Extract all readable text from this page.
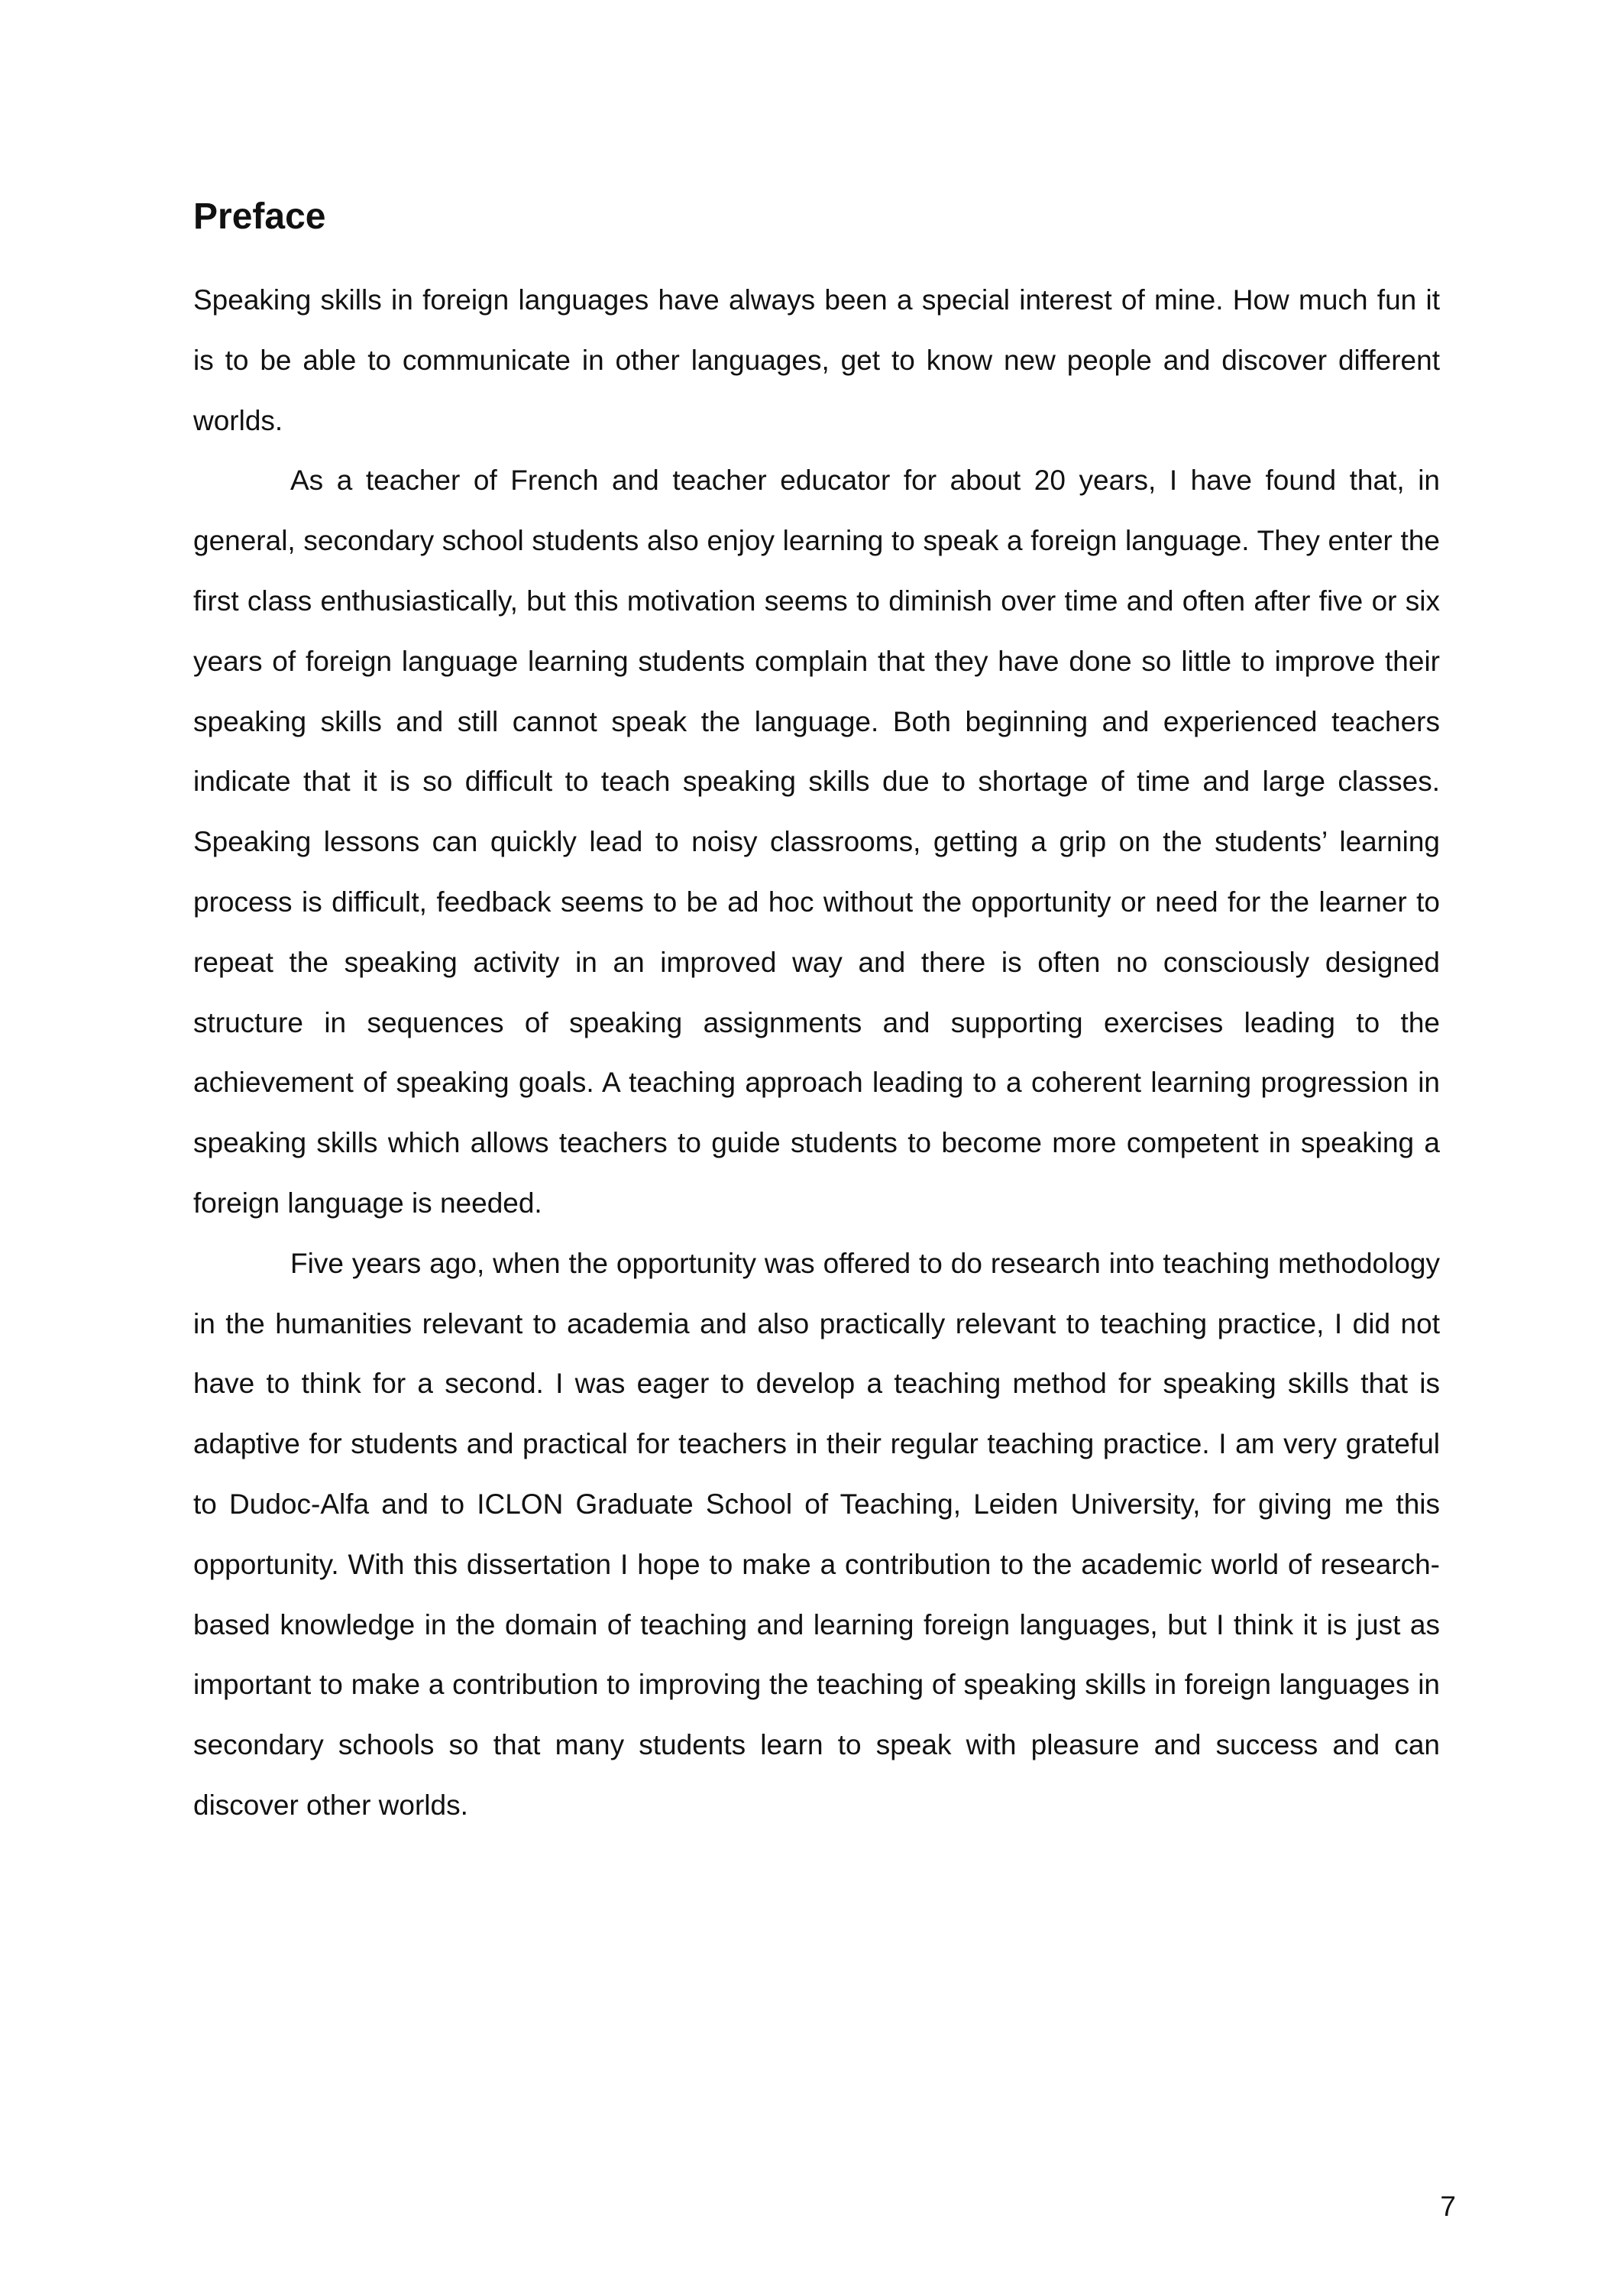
Preface

Speaking skills in foreign languages have always been a special interest of mine. How much fun it is to be able to communicate in other languages, get to know new people and discover different worlds.

As a teacher of French and teacher educator for about 20 years, I have found that, in general, secondary school students also enjoy learning to speak a foreign language. They enter the first class enthusiastically, but this motivation seems to diminish over time and often after five or six years of foreign language learning students complain that they have done so little to improve their speaking skills and still cannot speak the language. Both beginning and experienced teachers indicate that it is so difficult to teach speaking skills due to shortage of time and large classes. Speaking lessons can quickly lead to noisy classrooms, getting a grip on the students’ learning process is difficult, feedback seems to be ad hoc without the opportunity or need for the learner to repeat the speaking activity in an improved way and there is often no consciously designed structure in sequences of speaking assignments and supporting exercises leading to the achievement of speaking goals. A teaching approach leading to a coherent learning progression in speaking skills which allows teachers to guide students to become more competent in speaking a foreign language is needed.

Five years ago, when the opportunity was offered to do research into teaching methodology in the humanities relevant to academia and also practically relevant to teaching practice, I did not have to think for a second. I was eager to develop a teaching method for speaking skills that is adaptive for students and practical for teachers in their regular teaching practice. I am very grateful to Dudoc-Alfa and to ICLON Graduate School of Teaching, Leiden University, for giving me this opportunity. With this dissertation I hope to make a contribution to the academic world of research-based knowledge in the domain of teaching and learning foreign languages, but I think it is just as important to make a contribution to improving the teaching of speaking skills in foreign languages in secondary schools so that many students learn to speak with pleasure and success and can discover other worlds.

7
